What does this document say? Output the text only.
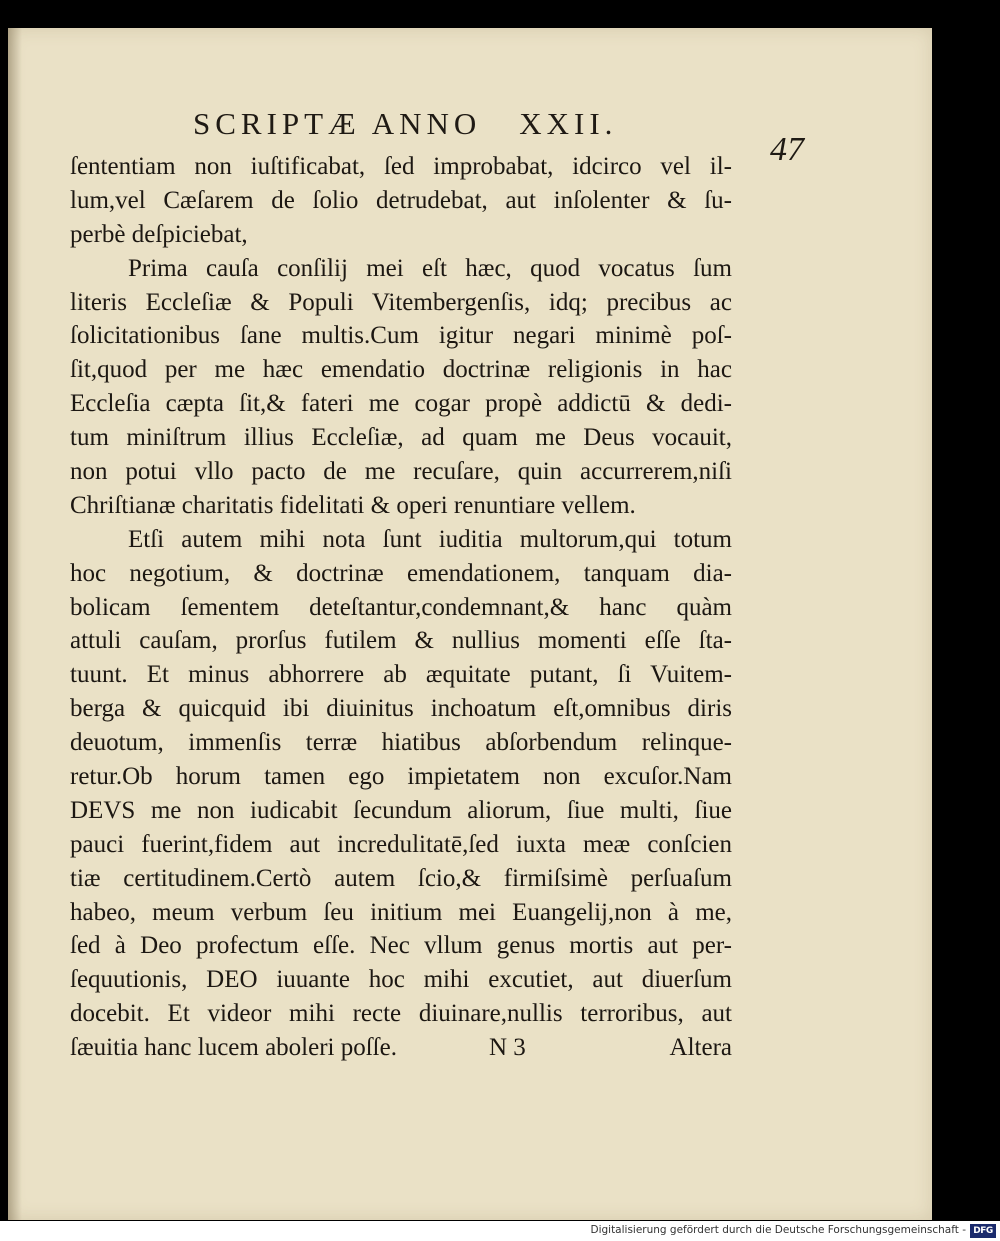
SCRIPTÆ ANNO XXII.
47
ſententiam non iuſtificabat, ſed improbabat, idcirco vel il-
lum,vel Cæſarem de ſolio detrudebat, aut inſolenter & ſu-
perbè deſpiciebat,
Prima cauſa conſilij mei eſt hæc, quod vocatus ſum
literis Eccleſiæ & Populi Vitembergenſis, idq; precibus ac
ſolicitationibus ſane multis.Cum igitur negari minimè poſ-
ſit,quod per me hæc emendatio doctrinæ religionis in hac
Eccleſia cæpta ſit,& fateri me cogar propè addictū & dedi-
tum miniſtrum illius Eccleſiæ, ad quam me Deus vocauit,
non potui vllo pacto de me recuſare, quin accurrerem,niſi
Chriſtianæ charitatis fidelitati & operi renuntiare vellem.
Etſi autem mihi nota ſunt iuditia multorum,qui totum
hoc negotium, & doctrinæ emendationem, tanquam dia-
bolicam ſementem deteſtantur,condemnant,& hanc quàm
attuli cauſam, prorſus futilem & nullius momenti eſſe ſta-
tuunt. Et minus abhorrere ab æquitate putant, ſi Vuitem-
berga & quicquid ibi diuinitus inchoatum eſt,omnibus diris
deuotum, immenſis terræ hiatibus abſorbendum relinque-
retur.Ob horum tamen ego impietatem non excuſor.Nam
DEVS me non iudicabit ſecundum aliorum, ſiue multi, ſiue
pauci fuerint,fidem aut incredulitatē,ſed iuxta meæ conſcien
tiæ certitudinem.Certò autem ſcio,& firmiſsimè perſuaſum
habeo, meum verbum ſeu initium mei Euangelij,non à me,
ſed à Deo profectum eſſe. Nec vllum genus mortis aut per-
ſequutionis, DEO iuuante hoc mihi excutiet, aut diuerſum
docebit. Et videor mihi recte diuinare,nullis terroribus, aut
ſæuitia hanc lucem aboleri poſſe.	N 3	Altera
Digitalisierung gefördert durch die Deutsche Forschungsgemeinschaft - DFG
